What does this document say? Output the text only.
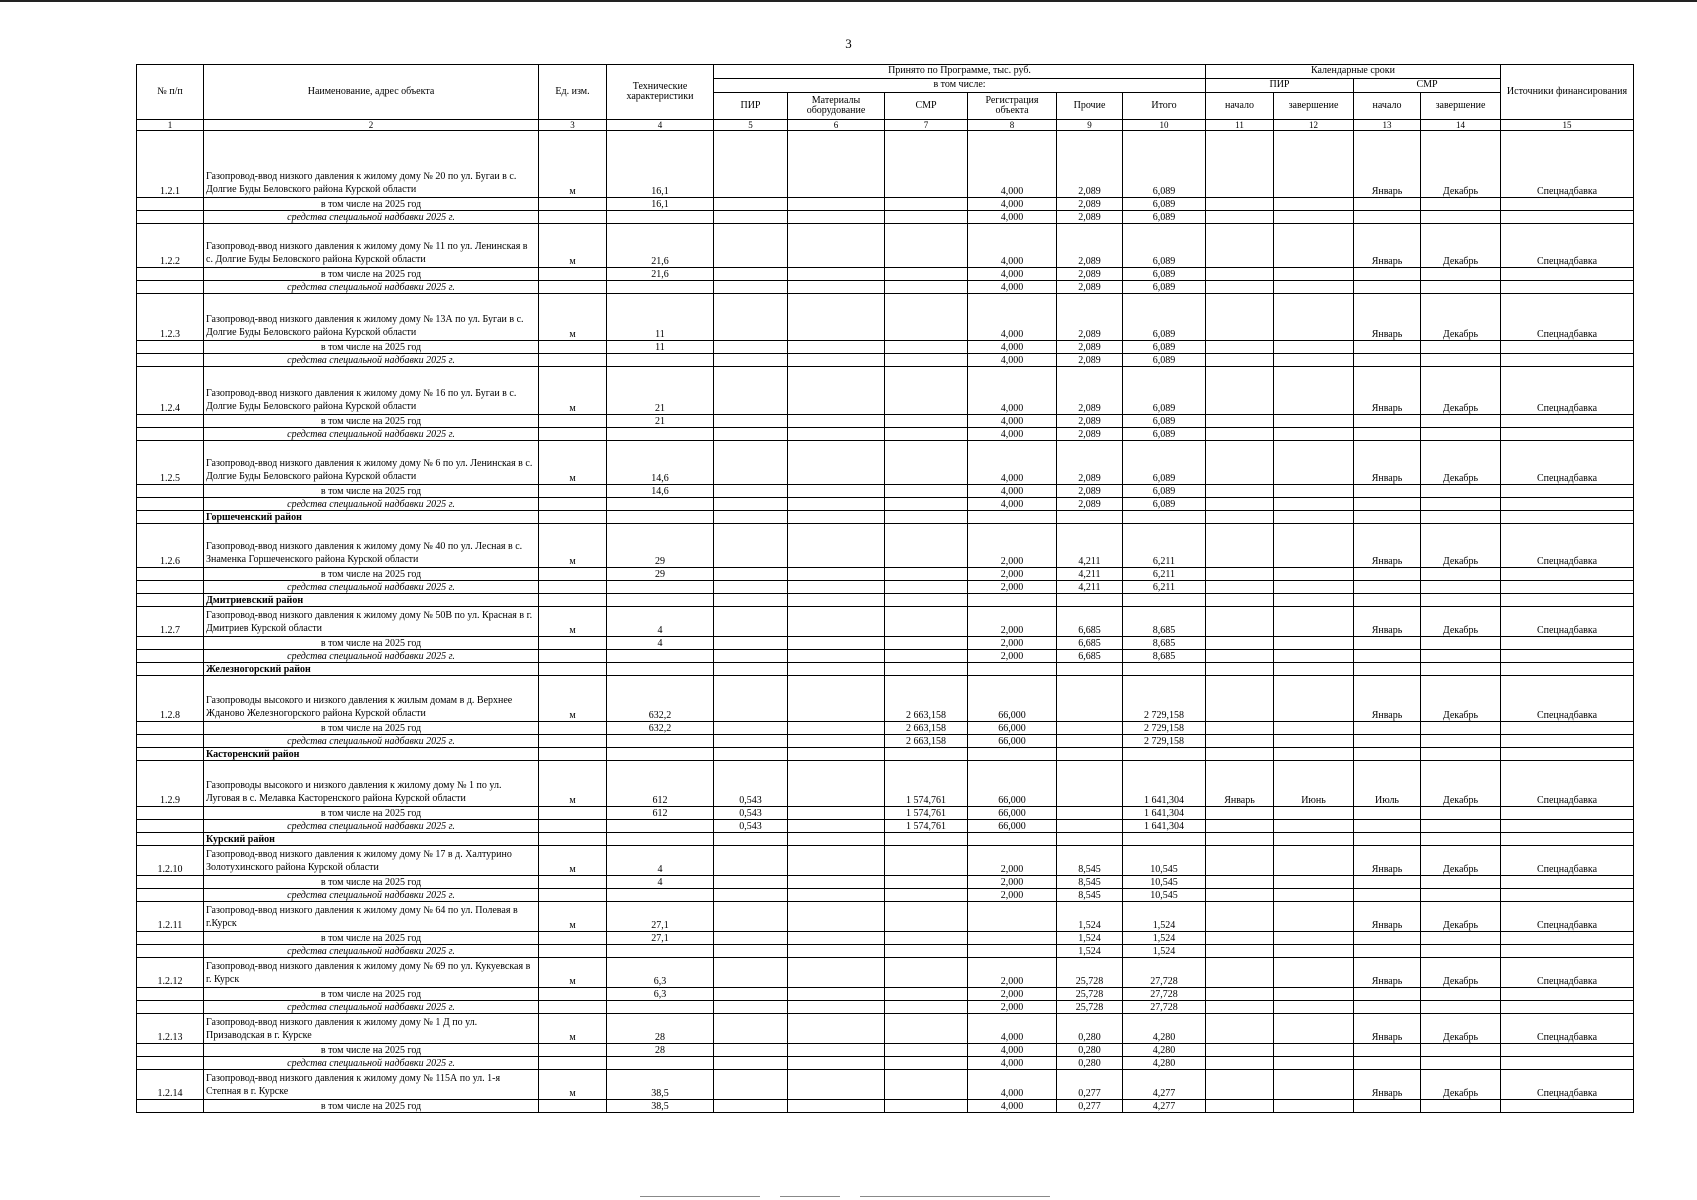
3
№ п/п	Наименование, адрес объекта	Ед. изм.	Технические характеристики	Принято по Программе, тыс. руб.						Календарные сроки				Источники финансирования
				в том числе:						ПИР		СМР		
				ПИР	Материалы оборудование	СМР	Регистрация объекта	Прочие	Итого	начало	завершение	начало	завершение	
1	2	3	4	5	6	7	8	9	10	11	12	13	14	15
1.2.1	Газопровод-ввод низкого давления к жилому дому № 20 по ул. Бугаи в с. Долгие Буды Беловского района Курской области	м	16,1				4,000	2,089	6,089			Январь	Декабрь	Спецнадбавка
	в том числе на 2025 год		16,1				4,000	2,089	6,089					
	средства специальной надбавки 2025 г.						4,000	2,089	6,089					
1.2.2	Газопровод-ввод низкого давления к жилому дому № 11 по ул. Ленинская в с. Долгие Буды Беловского района Курской области	м	21,6				4,000	2,089	6,089			Январь	Декабрь	Спецнадбавка
	в том числе на 2025 год		21,6				4,000	2,089	6,089					
	средства специальной надбавки 2025 г.						4,000	2,089	6,089					
1.2.3	Газопровод-ввод низкого давления к жилому дому № 13А по ул. Бугаи в с. Долгие Буды Беловского района Курской области	м	11				4,000	2,089	6,089			Январь	Декабрь	Спецнадбавка
	в том числе на 2025 год		11				4,000	2,089	6,089					
	средства специальной надбавки 2025 г.						4,000	2,089	6,089					
1.2.4	Газопровод-ввод низкого давления к жилому дому № 16 по ул. Бугаи в с. Долгие Буды Беловского района Курской области	м	21				4,000	2,089	6,089			Январь	Декабрь	Спецнадбавка
	в том числе на 2025 год		21				4,000	2,089	6,089					
	средства специальной надбавки 2025 г.						4,000	2,089	6,089					
1.2.5	Газопровод-ввод низкого давления к жилому дому № 6 по ул. Ленинская в с. Долгие Буды Беловского района Курской области	м	14,6				4,000	2,089	6,089			Январь	Декабрь	Спецнадбавка
	в том числе на 2025 год		14,6				4,000	2,089	6,089					
	средства специальной надбавки 2025 г.						4,000	2,089	6,089					
	Горшеченский район													
1.2.6	Газопровод-ввод низкого давления к жилому дому № 40 по ул. Лесная в с. Знаменка Горшеченского района Курской области	м	29				2,000	4,211	6,211			Январь	Декабрь	Спецнадбавка
	в том числе на 2025 год		29				2,000	4,211	6,211					
	средства специальной надбавки 2025 г.						2,000	4,211	6,211					
	Дмитриевский район													
1.2.7	Газопровод-ввод низкого давления к жилому дому № 50В по ул. Красная в г. Дмитриев Курской области	м	4				2,000	6,685	8,685			Январь	Декабрь	Спецнадбавка
	в том числе на 2025 год		4				2,000	6,685	8,685					
	средства специальной надбавки 2025 г.						2,000	6,685	8,685					
	Железногорский район													
1.2.8	Газопроводы высокого и низкого давления к жилым домам в д. Верхнее Жданово Железногорского района Курской области	м	632,2			2 663,158	66,000		2 729,158			Январь	Декабрь	Спецнадбавка
	в том числе на 2025 год		632,2			2 663,158	66,000		2 729,158					
	средства специальной надбавки 2025 г.					2 663,158	66,000		2 729,158					
	Касторенский район													
1.2.9	Газопроводы высокого и низкого давления к жилому дому № 1 по ул. Луговая в с. Мелавка Касторенского района Курской области	м	612	0,543		1 574,761	66,000		1 641,304	Январь	Июнь	Июль	Декабрь	Спецнадбавка
	в том числе на 2025 год		612	0,543		1 574,761	66,000		1 641,304					
	средства специальной надбавки 2025 г.			0,543		1 574,761	66,000		1 641,304					
	Курский район													
1.2.10	Газопровод-ввод низкого давления к жилому дому № 17 в д. Халтурино Золотухинского района Курской области	м	4				2,000	8,545	10,545			Январь	Декабрь	Спецнадбавка
	в том числе на 2025 год		4				2,000	8,545	10,545					
	средства специальной надбавки 2025 г.						2,000	8,545	10,545					
1.2.11	Газопровод-ввод низкого давления к жилому дому № 64 по ул. Полевая в г.Курск	м	27,1					1,524	1,524			Январь	Декабрь	Спецнадбавка
	в том числе на 2025 год		27,1					1,524	1,524					
	средства специальной надбавки 2025 г.							1,524	1,524					
1.2.12	Газопровод-ввод низкого давления к жилому дому № 69 по ул. Кукуевская в г. Курск	м	6,3				2,000	25,728	27,728			Январь	Декабрь	Спецнадбавка
	в том числе на 2025 год		6,3				2,000	25,728	27,728					
	средства специальной надбавки 2025 г.						2,000	25,728	27,728					
1.2.13	Газопровод-ввод низкого давления к жилому дому № 1 Д по ул. Призаводская в г. Курске	м	28				4,000	0,280	4,280			Январь	Декабрь	Спецнадбавка
	в том числе на 2025 год		28				4,000	0,280	4,280					
	средства специальной надбавки 2025 г.						4,000	0,280	4,280					
1.2.14	Газопровод-ввод низкого давления к жилому дому № 115А по ул. 1-я Степная в г. Курске	м	38,5				4,000	0,277	4,277			Январь	Декабрь	Спецнадбавка
	в том числе на 2025 год		38,5				4,000	0,277	4,277					
